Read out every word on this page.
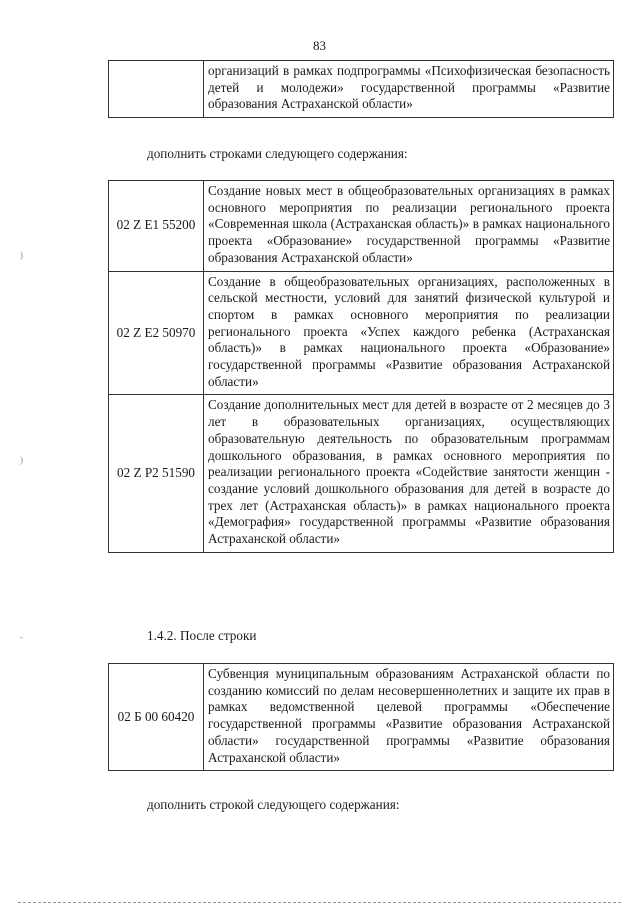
83
	организаций в рамках подпрограммы «Психофизическая безопасность детей и молодежи» государственной программы «Развитие образования Астраханской области»
дополнить строками следующего содержания:
02 Z E1 55200	Создание новых мест в общеобразовательных организациях в рамках основного мероприятия по реализации регионального проекта «Современная школа (Астраханская область)» в рамках национального проекта «Образование» государственной программы «Развитие образования Астраханской области»
02 Z E2 50970	Создание в общеобразовательных организациях, расположенных в сельской местности, условий для занятий физической культурой и спортом в рамках основного мероприятия по реализации регионального проекта «Успех каждого ребенка (Астраханская область)» в рамках национального проекта «Образование» государственной программы «Развитие образования Астраханской области»
02 Z P2 51590	Создание дополнительных мест для детей в возрасте от 2 месяцев до 3 лет в образовательных организациях, осуществляющих образовательную деятельность по образовательным программам дошкольного образования, в рамках основного мероприятия по реализации регионального проекта «Содействие занятости женщин - создание условий дошкольного образования для детей в возрасте до трех лет (Астраханская область)» в рамках национального проекта «Демография» государственной программы «Развитие образования Астраханской области»
1.4.2. После строки
02 Б 00 60420	Субвенция муниципальным образованиям Астраханской области по созданию комиссий по делам несовершеннолетних и защите их прав в рамках ведомственной целевой программы «Обеспечение государственной программы «Развитие образования Астраханской области» государственной программы «Развитие образования Астраханской области»
дополнить строкой следующего содержания:
)
)
-
